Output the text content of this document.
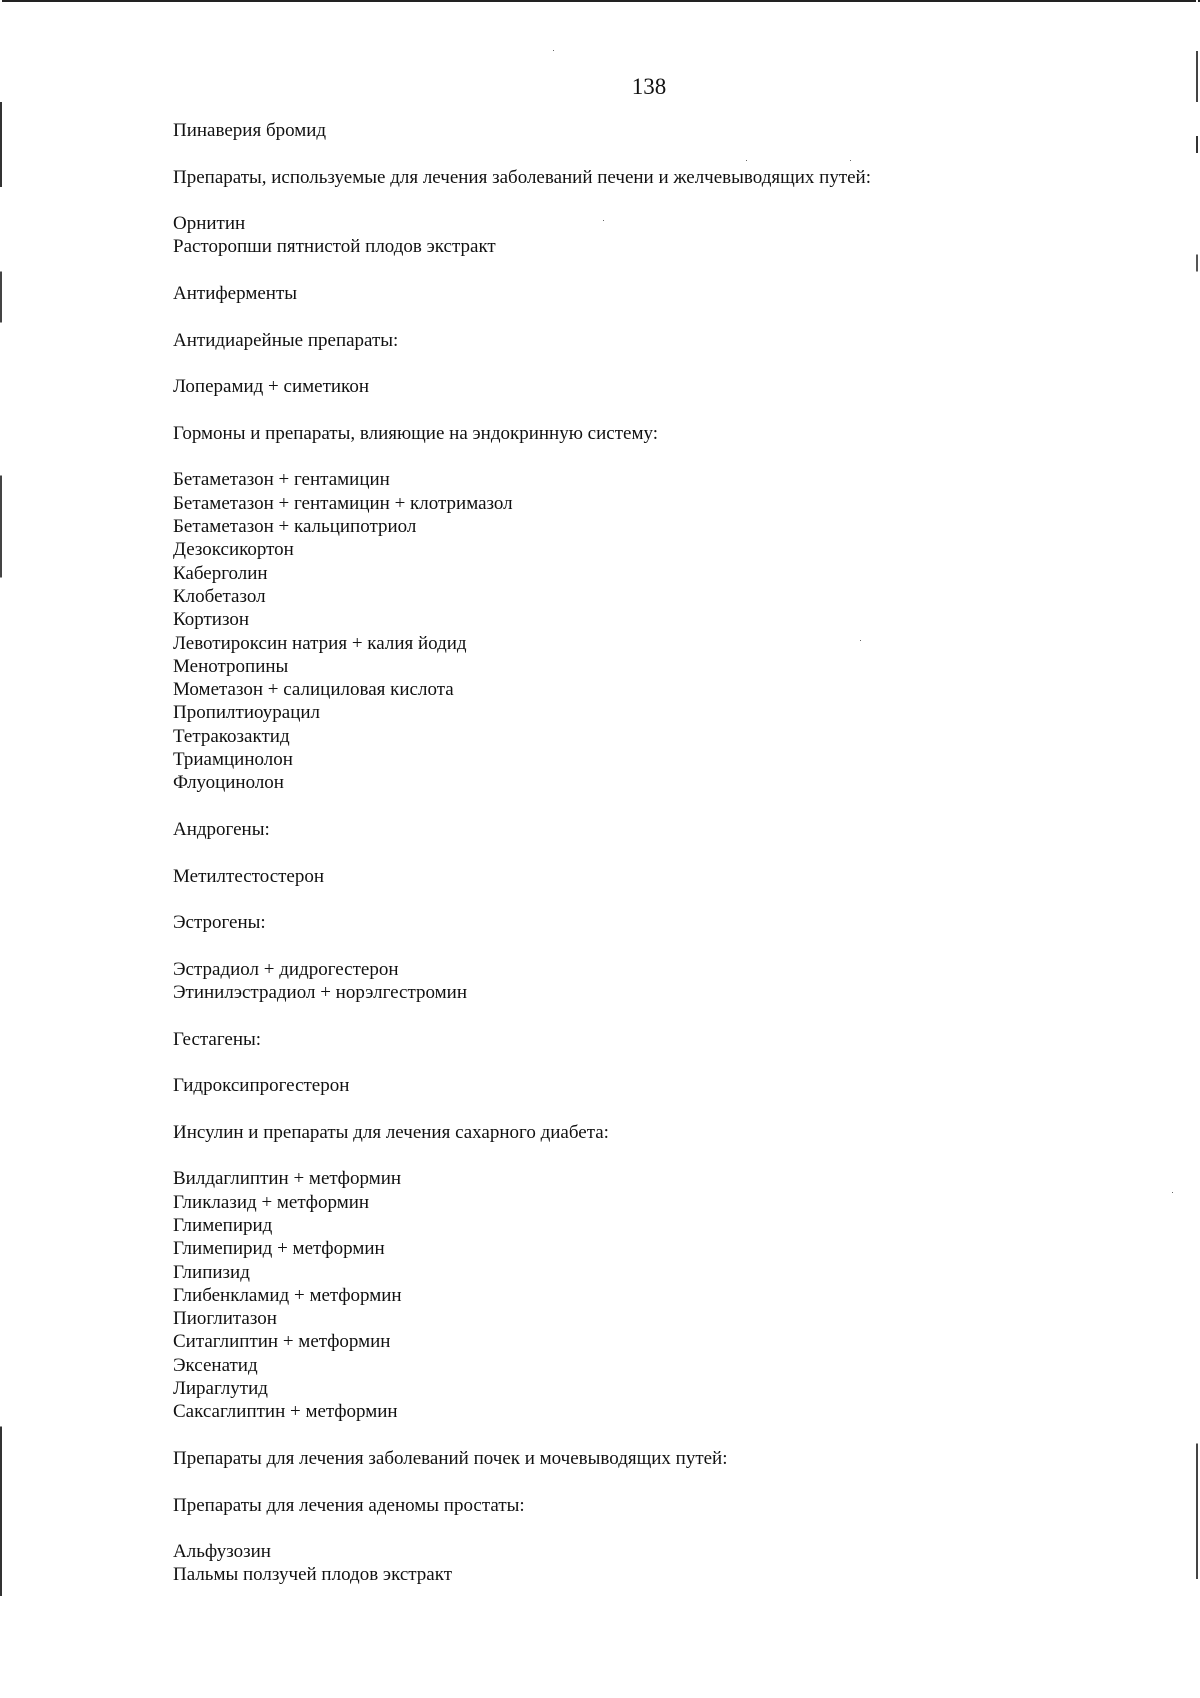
138
Пинаверия бромид
Препараты, используемые для лечения заболеваний печени и желчевыводящих путей:
Орнитин
Расторопши пятнистой плодов экстракт
Антиферменты
Антидиарейные препараты:
Лоперамид + симетикон
Гормоны и препараты, влияющие на эндокринную систему:
Бетаметазон + гентамицин
Бетаметазон + гентамицин + клотримазол
Бетаметазон + кальципотриол
Дезоксикортон
Каберголин
Клобетазол
Кортизон
Левотироксин натрия + калия йодид
Менотропины
Мометазон + салициловая кислота
Пропилтиоурацил
Тетракозактид
Триамцинолон
Флуоцинолон
Андрогены:
Метилтестостерон
Эстрогены:
Эстрадиол + дидрогестерон
Этинилэстрадиол + норэлгестромин
Гестагены:
Гидроксипрогестерон
Инсулин и препараты для лечения сахарного диабета:
Вилдаглиптин + метформин
Гликлазид + метформин
Глимепирид
Глимепирид + метформин
Глипизид
Глибенкламид + метформин
Пиоглитазон
Ситаглиптин + метформин
Эксенатид
Лираглутид
Саксаглиптин + метформин
Препараты для лечения заболеваний почек и мочевыводящих путей:
Препараты для лечения аденомы простаты:
Альфузозин
Пальмы ползучей плодов экстракт
